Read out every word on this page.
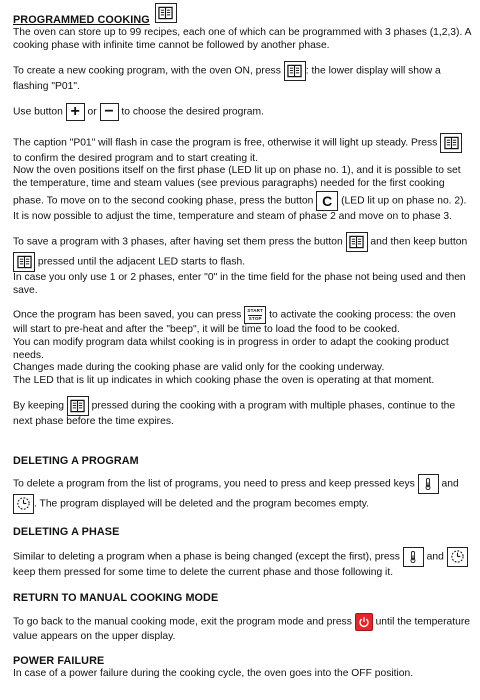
PROGRAMMED COOKING

The oven can store up to 99 recipes, each one of which can be programmed with 3 phases (1,2,3). A cooking phase with infinite time cannot be followed by another phase.

To create a new cooking program, with the oven ON, press
: the lower display will show a flashing "P01".

Use button + or − to choose the desired program.

The caption "P01" will flash in case the program is free, otherwise it will light up steady. Press
to confirm the desired program and to start creating it.

Now the oven positions itself on the first phase (LED lit up on phase no. 1), and it is possible to set the temperature, time and steam values (see previous paragraphs) needed for the first cooking phase. To move on to the second cooking phase, press the button C (LED lit up on phase no. 2). It is now possible to adjust the time, temperature and steam of phase 2 and move on to phase 3.

To save a program with 3 phases, after having set them press the button
and then keep button
pressed until the adjacent LED starts to flash.

In case you only use 1 or 2 phases, enter "0" in the time field for the phase not being used and then save.

Once the program has been saved, you can press START
STOP to activate the cooking process: the oven will start to pre-heat and after the "beep", it will be time to load the food to be cooked.

You can modify program data whilst cooking is in progress in order to adapt the cooking product needs.

Changes made during the cooking phase are valid only for the cooking underway.

The LED that is lit up indicates in which cooking phase the oven is operating at that moment.

By keeping
pressed during the cooking with a program with multiple phases, continue to the next phase before the time expires.

DELETING A PROGRAM

To delete a program from the list of programs, you need to press and keep pressed keys
and

. The program displayed will be deleted and the program becomes empty.

DELETING A PHASE

Similar to deleting a program when a phase is being changed (except the first), press
and
keep them pressed for some time to delete the current phase and those following it.

RETURN TO MANUAL COOKING MODE

To go back to the manual cooking mode, exit the program mode and press
until the temperature value appears on the upper display.

POWER FAILURE

In case of a power failure during the cooking cycle, the oven goes into the OFF position.
